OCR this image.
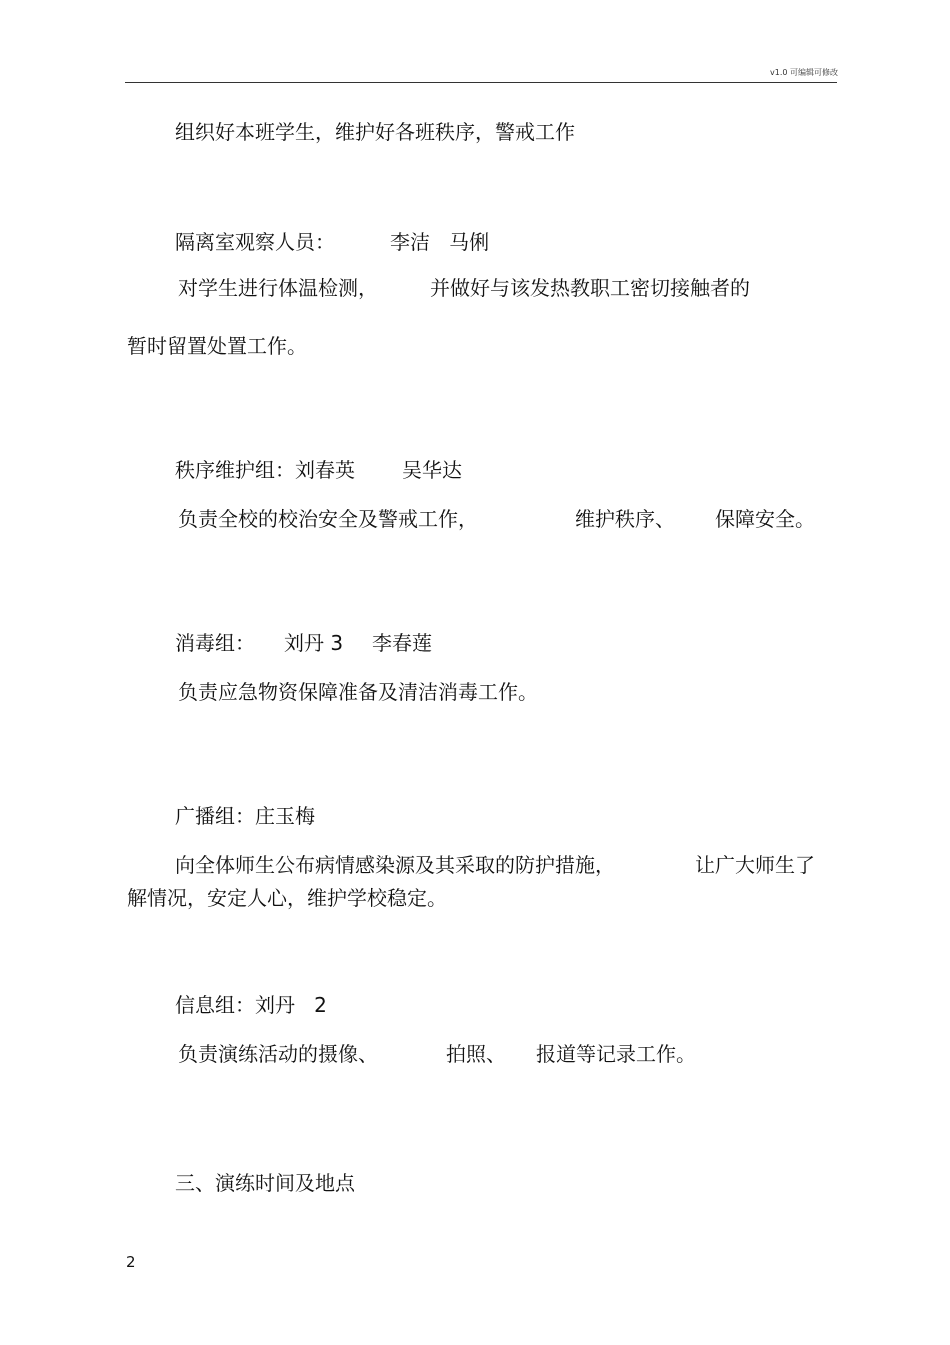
v1.0 可编辑可修改
组织好本班学生，维护好各班秩序，警戒工作
隔离室观察人员：	李洁   马俐
对学生进行体温检测，	并做好与该发热教职工密切接触者的
暂时留置处置工作。
秩序维护组：刘春英 吴华达
负责全校的校治安全及警戒工作，	维护秩序、 保障安全。
消毒组： 刘丹 3 李春莲
负责应急物资保障准备及清洁消毒工作。
广播组：庄玉梅
向全体师生公布病情感染源及其采取的防护措施，	让广大师生了
解情况，安定人心，维护学校稳定。
信息组：刘丹   2
负责演练活动的摄像、	拍照、 报道等记录工作。
三、演练时间及地点
2
